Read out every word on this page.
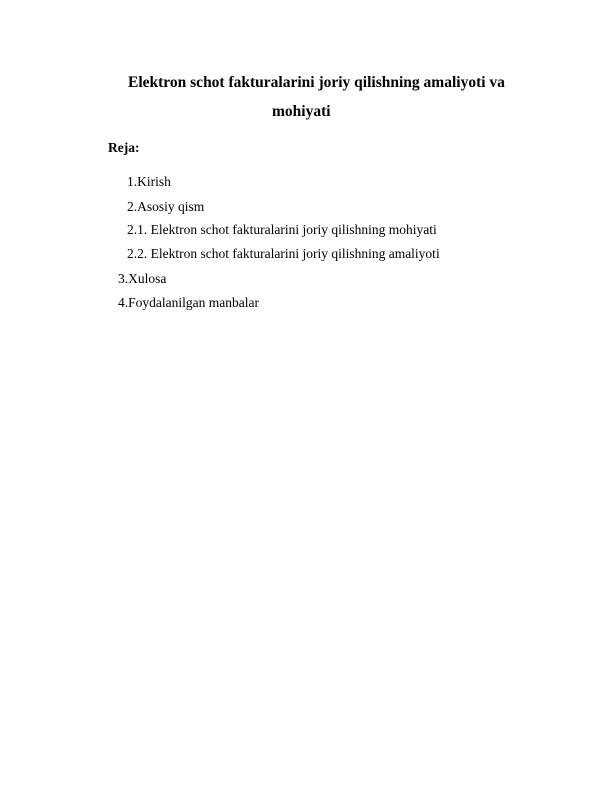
Elektron schot fakturalarini joriy qilishning amaliyoti va
mohiyati
Reja:
1.Kirish
2.Asosiy qism
2.1. Elektron schot fakturalarini joriy qilishning mohiyati
2.2. Elektron schot fakturalarini joriy qilishning amaliyoti
3.Xulosa
4.Foydalanilgan manbalar
